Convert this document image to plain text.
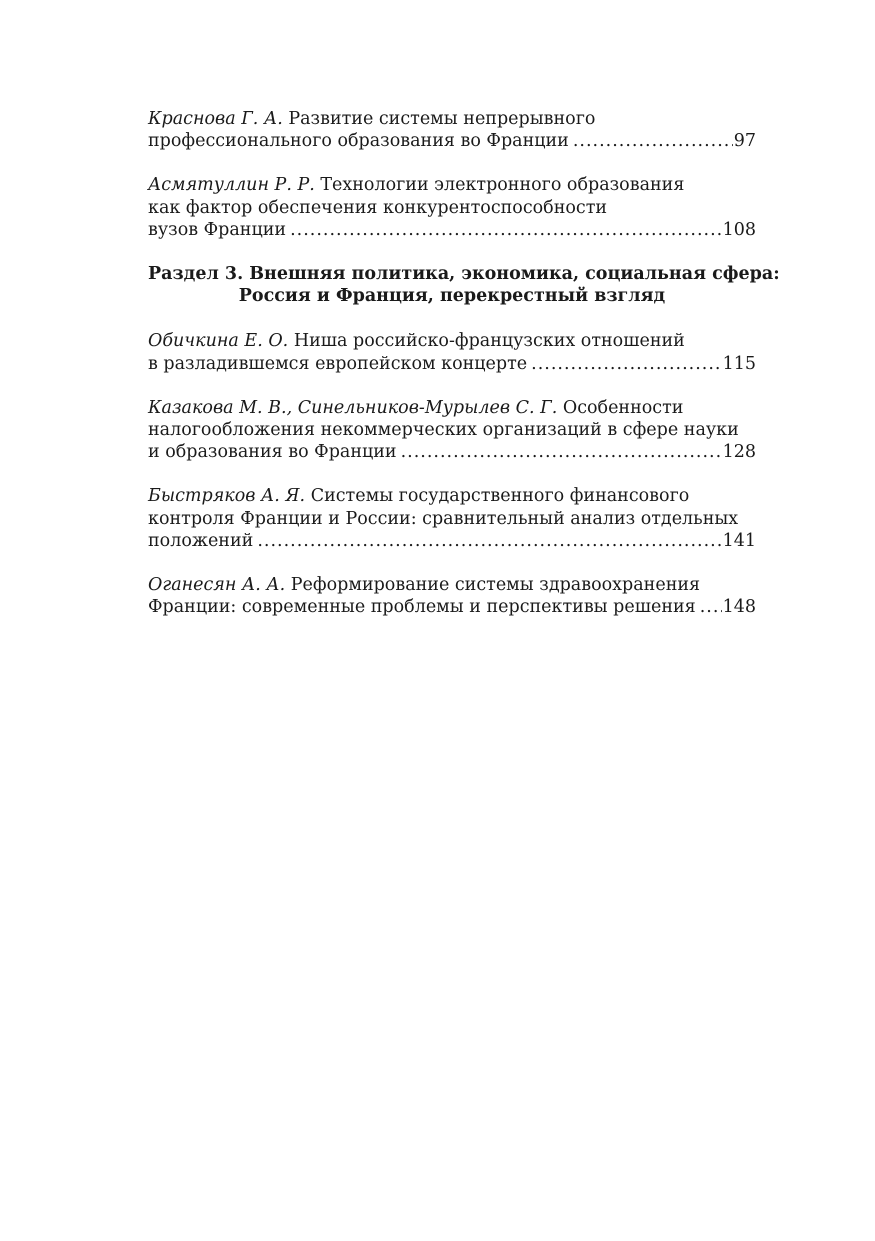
Краснова Г. А. Развитие системы непрерывного
профессионального образования во Франции .....	97
Асмятуллин Р. Р. Технологии электронного образования
как фактор обеспечения конкурентоспособности
вузов Франции .....	108
Раздел 3. Внешняя политика, экономика, социальная сфера:
Россия и Франция, перекрестный взгляд
Обичкина Е. О. Ниша российско-французских отношений
в разладившемся европейском концерте .....	115
Казакова М. В., Синельников-Мурылев С. Г. Особенности
налогообложения некоммерческих организаций в сфере науки
и образования во Франции .....	128
Быстряков А. Я. Системы государственного финансового
контроля Франции и России: сравнительный анализ отдельных
положений .....	141
Оганесян А. А. Реформирование системы здравоохранения
Франции: современные проблемы и перспективы решения ..... 148
